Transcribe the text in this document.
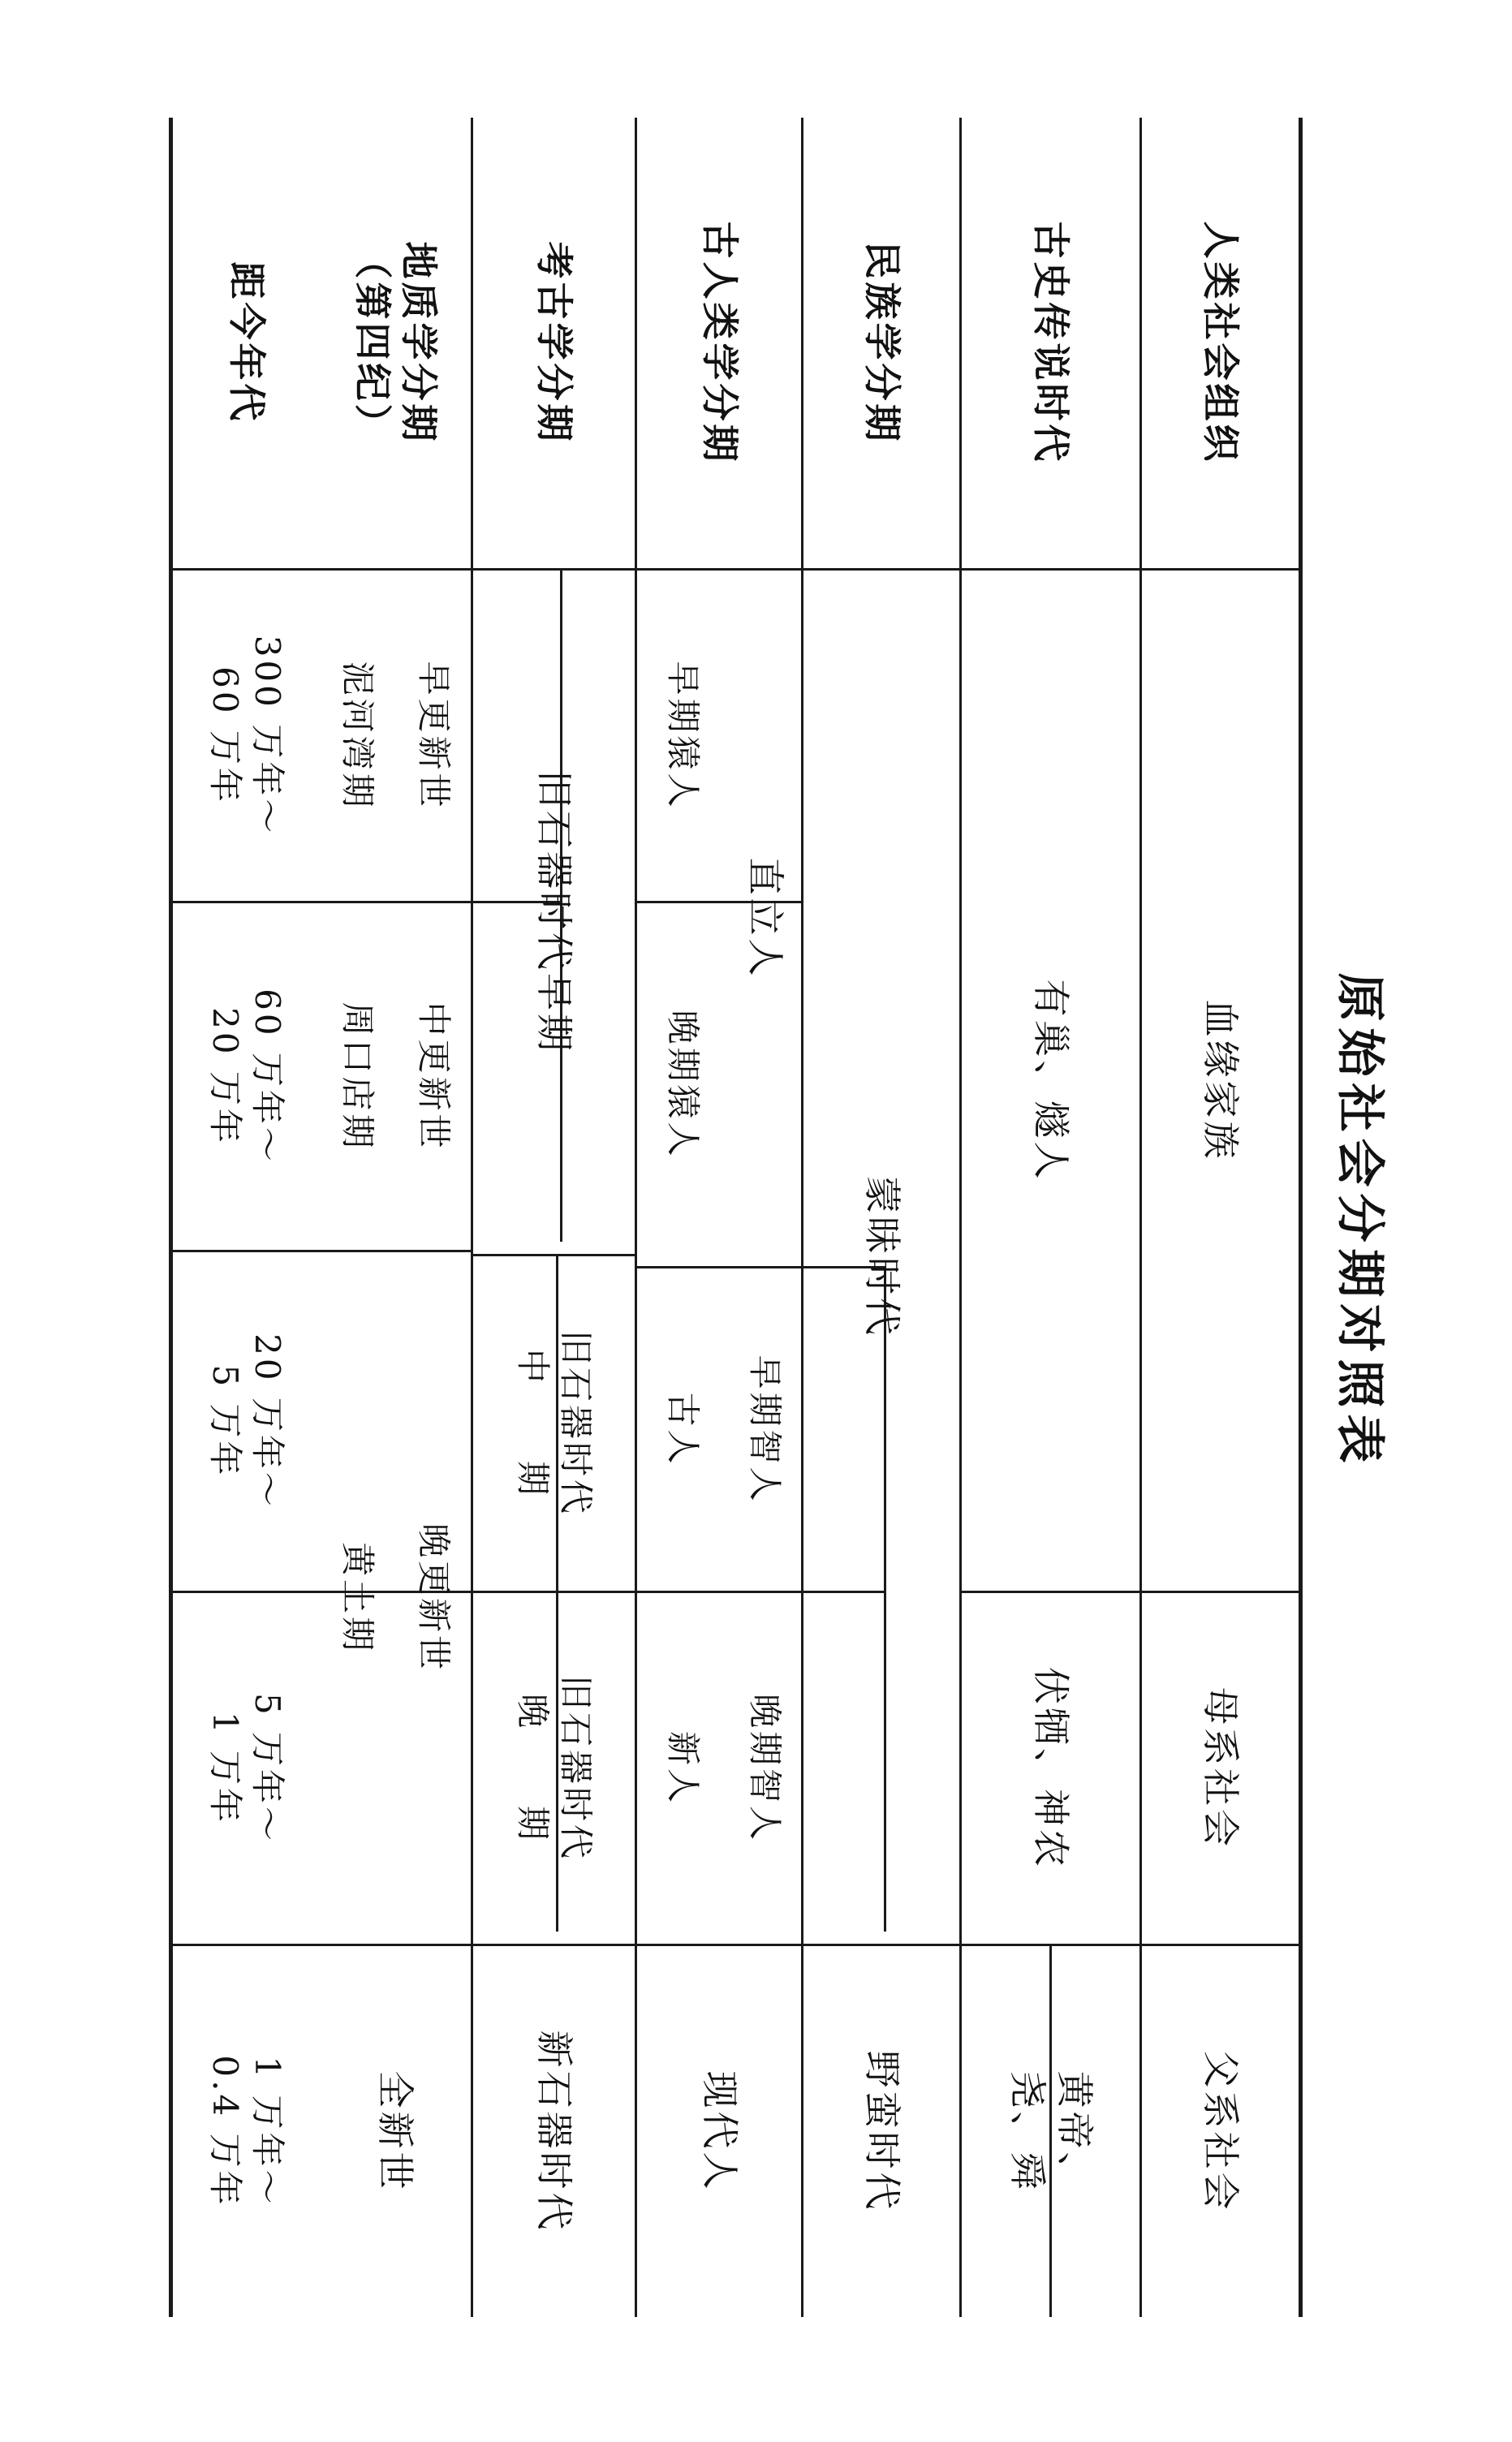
原始社会分期对照表
人类社会组织
古史传说时代
民族学分期
古人类学分期
考古学分期
地质学分期
（第四纪）
距今年代
血缘家族
母系社会
父系社会
有巢、燧人
伏牺、神农
黄帝、
尧、舜
蒙昧时代
野蛮时代
直立人
早期猿人
晚期猿人
早期智人
古人
晚期智人
新人
现代人
旧石器时代早期
旧石器时代
中　　期
旧石器时代
晚　　期
新石器时代
早更新世
泥河湾期
中更新世
周口店期
晚更新世
黄土期
全新世
300 万年～
60 万年
60 万年～
20 万年
20 万年～
5 万年
5 万年～
1 万年
1 万年～
0.4 万年
